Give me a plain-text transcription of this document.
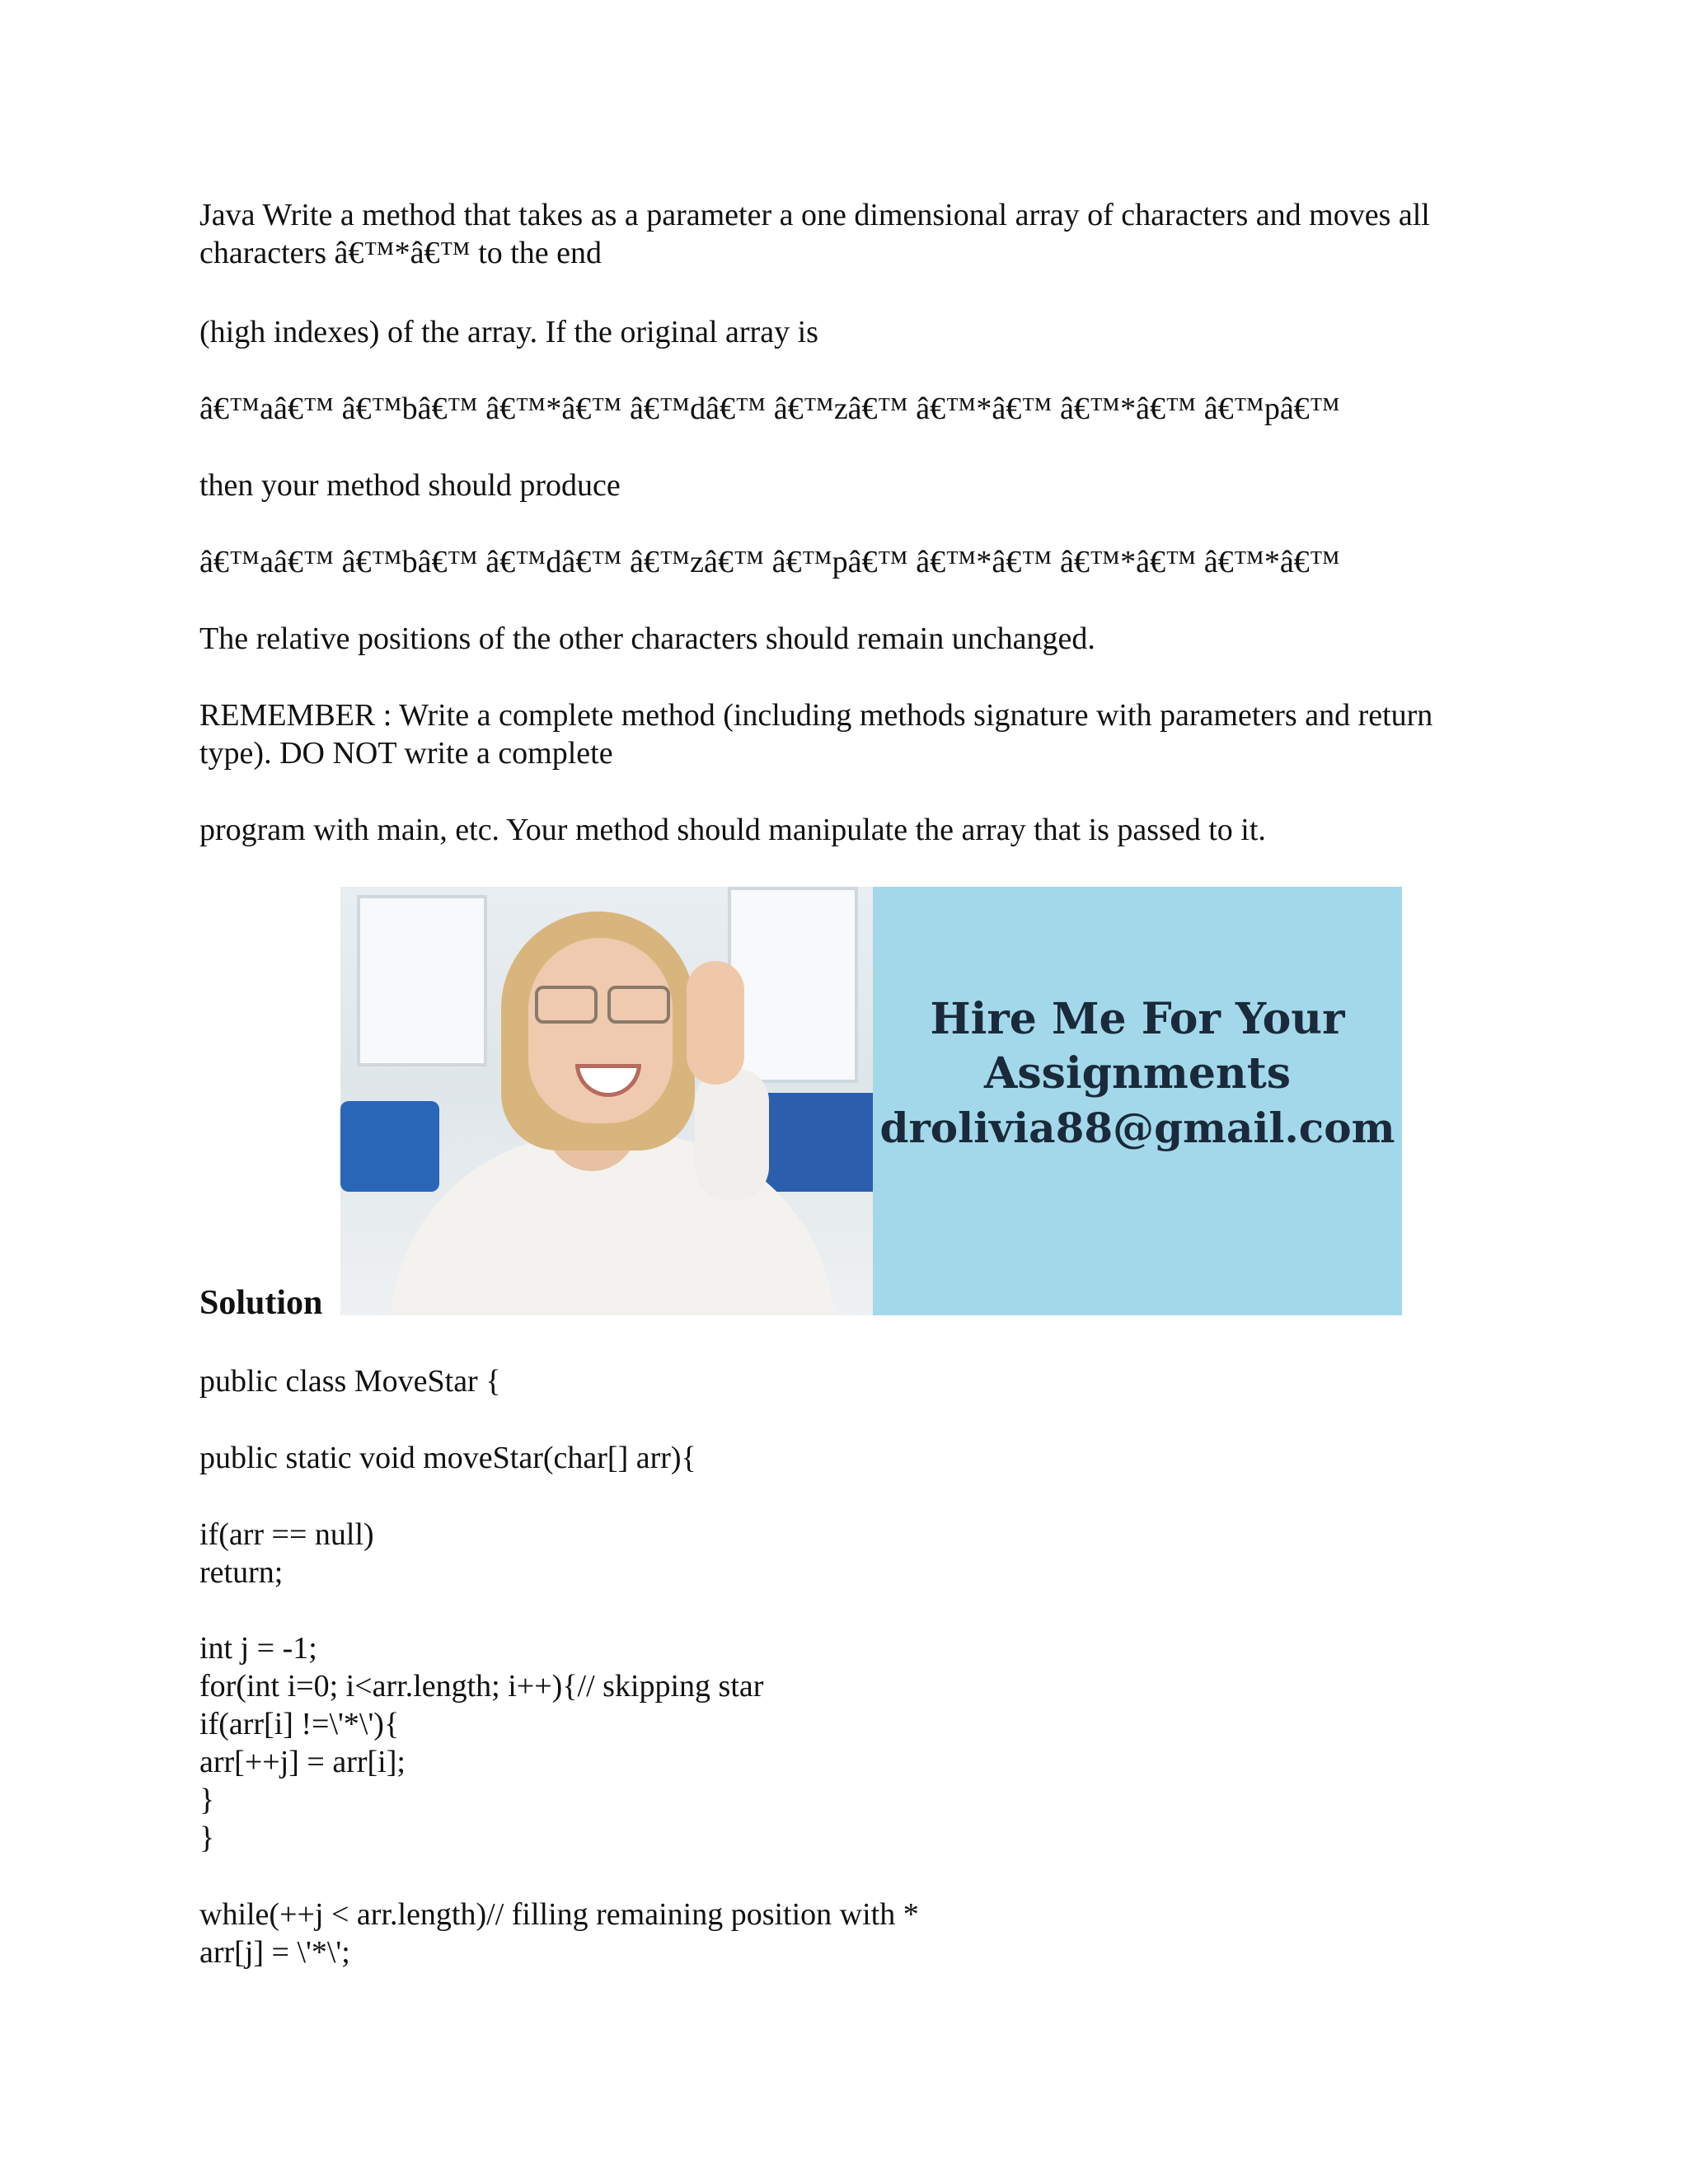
Java Write a method that takes as a parameter a one dimensional array of characters and moves all characters â€™*â€™ to the end

(high indexes) of the array. If the original array is

â€™aâ€™ â€™bâ€™ â€™*â€™ â€™dâ€™ â€™zâ€™ â€™*â€™ â€™*â€™ â€™pâ€™

then your method should produce

â€™aâ€™ â€™bâ€™ â€™dâ€™ â€™zâ€™ â€™pâ€™ â€™*â€™ â€™*â€™ â€™*â€™

The relative positions of the other characters should remain unchanged.

REMEMBER : Write a complete method (including methods signature with parameters and return type). DO NOT write a complete

program with main, etc. Your method should manipulate the array that is passed to it.

Hire Me For Your
Assignments
drolivia88@gmail.com

Solution

public class MoveStar {

public static void moveStar(char[] arr){

if(arr == null)
return;

int j = -1;
for(int i=0; i<arr.length; i++){// skipping star
if(arr[i] !=\'*\'){
arr[++j] = arr[i];
}
}

while(++j < arr.length)// filling remaining position with *
arr[j] = \'*\';
